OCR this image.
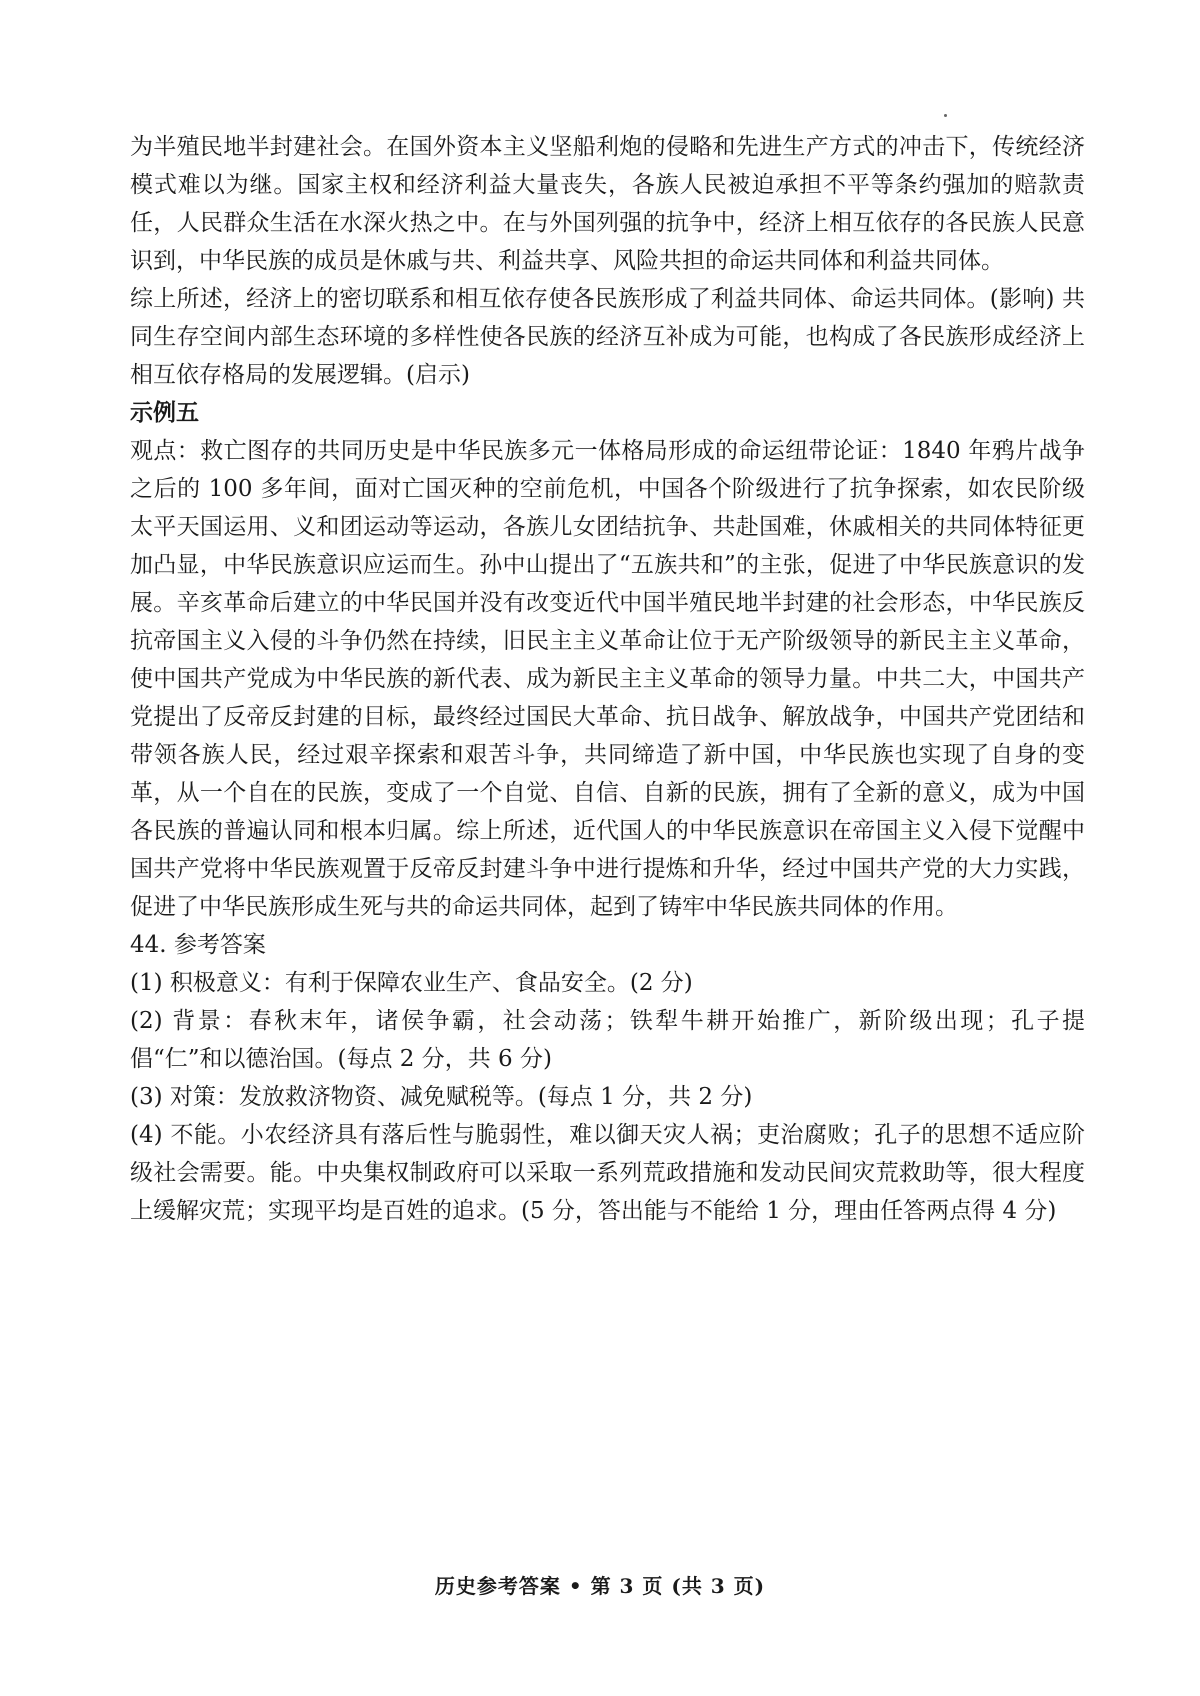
为半殖民地半封建社会。在国外资本主义坚船利炮的侵略和先进生产方式的冲击下，传统经济模式难以为继。国家主权和经济利益大量丧失，各族人民被迫承担不平等条约强加的赔款责任，人民群众生活在水深火热之中。在与外国列强的抗争中，经济上相互依存的各民族人民意识到，中华民族的成员是休戚与共、利益共享、风险共担的命运共同体和利益共同体。

综上所述，经济上的密切联系和相互依存使各民族形成了利益共同体、命运共同体。(影响) 共同生存空间内部生态环境的多样性使各民族的经济互补成为可能，也构成了各民族形成经济上相互依存格局的发展逻辑。(启示)

示例五

观点：救亡图存的共同历史是中华民族多元一体格局形成的命运纽带论证：1840 年鸦片战争之后的 100 多年间，面对亡国灭种的空前危机，中国各个阶级进行了抗争探索，如农民阶级太平天国运用、义和团运动等运动，各族儿女团结抗争、共赴国难，休戚相关的共同体特征更加凸显，中华民族意识应运而生。孙中山提出了“五族共和”的主张，促进了中华民族意识的发展。辛亥革命后建立的中华民国并没有改变近代中国半殖民地半封建的社会形态，中华民族反抗帝国主义入侵的斗争仍然在持续，旧民主主义革命让位于无产阶级领导的新民主主义革命，使中国共产党成为中华民族的新代表、成为新民主主义革命的领导力量。中共二大，中国共产党提出了反帝反封建的目标，最终经过国民大革命、抗日战争、解放战争，中国共产党团结和带领各族人民，经过艰辛探索和艰苦斗争，共同缔造了新中国，中华民族也实现了自身的变革，从一个自在的民族，变成了一个自觉、自信、自新的民族，拥有了全新的意义，成为中国各民族的普遍认同和根本归属。综上所述，近代国人的中华民族意识在帝国主义入侵下觉醒中国共产党将中华民族观置于反帝反封建斗争中进行提炼和升华，经过中国共产党的大力实践，促进了中华民族形成生死与共的命运共同体，起到了铸牢中华民族共同体的作用。

44. 参考答案

(1) 积极意义：有利于保障农业生产、食品安全。(2 分)

(2) 背景：春秋末年，诸侯争霸，社会动荡；铁犁牛耕开始推广，新阶级出现；孔子提倡“仁”和以德治国。(每点 2 分，共 6 分)

(3) 对策：发放救济物资、减免赋税等。(每点 1 分，共 2 分)

(4) 不能。小农经济具有落后性与脆弱性，难以御天灾人祸；吏治腐败；孔子的思想不适应阶级社会需要。能。中央集权制政府可以采取一系列荒政措施和发动民间灾荒救助等，很大程度上缓解灾荒；实现平均是百姓的追求。(5 分，答出能与不能给 1 分，理由任答两点得 4 分)

历史参考答案 • 第 3 页 (共 3 页)
